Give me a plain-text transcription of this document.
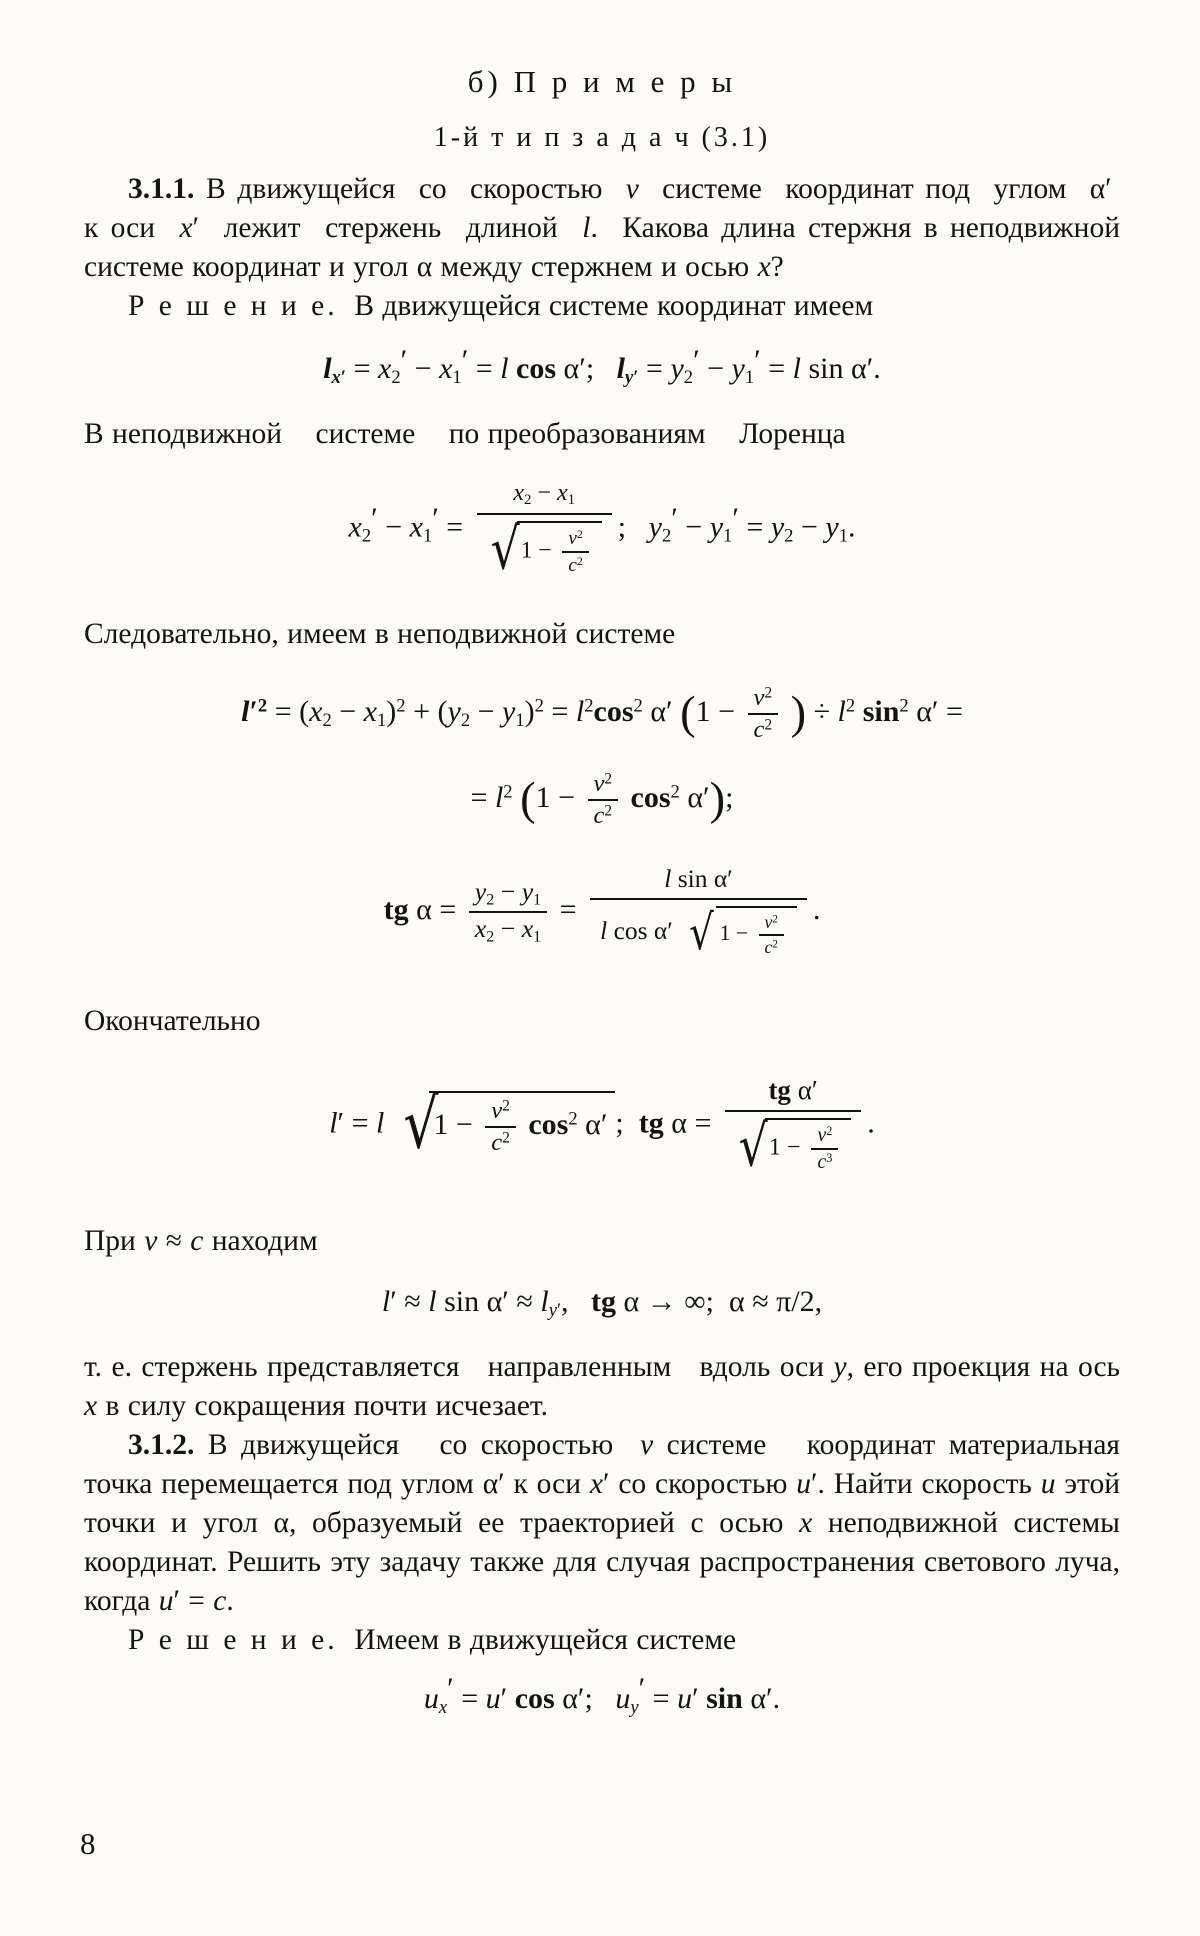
б) П р и м е р ы
1-й т и п з а д а ч (3.1)

3.1.1. В движущейся  со  скоростью  v  системе  координат под  углом  α′  к оси  x′  лежит  стержень  длиной  l.  Какова длина стержня в неподвижной системе координат и угол α между стержнем и осью x?

Р е ш е н и е.  В движущейся системе координат имеем

$l_{x'} = x_2' - x_1' = l$ cos α′;   $l_{y'} = y_2' - y_1' = l$ sin α′.

В неподвижной    системе    по преобразованиям    Лоренца

$x_2' - x_1'$ =
$x_2 - x_1$
√ $1 - \frac{v^2}{c^2}$
;   $y_2' - y_1' = y_2 - y_1$.

Следовательно, имеем в неподвижной системе

$l'^2 = (x_2 - x_1)^2 + (y_2 - y_1)^2 = l^2\cos^2$ α′ ($1 - \frac{v^2}{c^2}$ ) ÷ $l^2$ $\sin^2 \alpha'$ =
= $l^2$ $(1 - \frac{v^2}{c^2} \cos^2 \alpha')$;
tg $\alpha = \frac{y_2 - y_1}{x_2 - x_1}$ =
l sin α′
l cos α′ √ $1 - \frac{v^2}{c^2}$
.

Окончательно

l′ = l √
$1 - \frac{v^2}{c^2} \cos^2 \alpha'$;  tg $\alpha = \frac{\text{tg α′}}{√ 1 - \frac{v^2}{c^3}}$ .

При v ≈ c находим

l′ ≈ l $\sin \alpha' \approx l_{y'}$,   tg α → ∞;  α ≈ π/2,

т. е. стержень представляется   направленным   вдоль оси y, его проекция на ось x в силу сокращения почти исчезает.

3.1.2. В движущейся   со скоростью  v системе   координат материальная точка перемещается под углом α′ к оси x′ со скоростью u′. Найти скорость u этой точки и угол α, образуемый ее траекторией с осью x неподвижной системы координат. Решить эту задачу также для случая распространения светового луча, когда u′ = c.

Р е ш е н и е.  Имеем в движущейся системе

$u_x' = u'$ cos α′;   $u_y' = u'$ sin α′.
8
